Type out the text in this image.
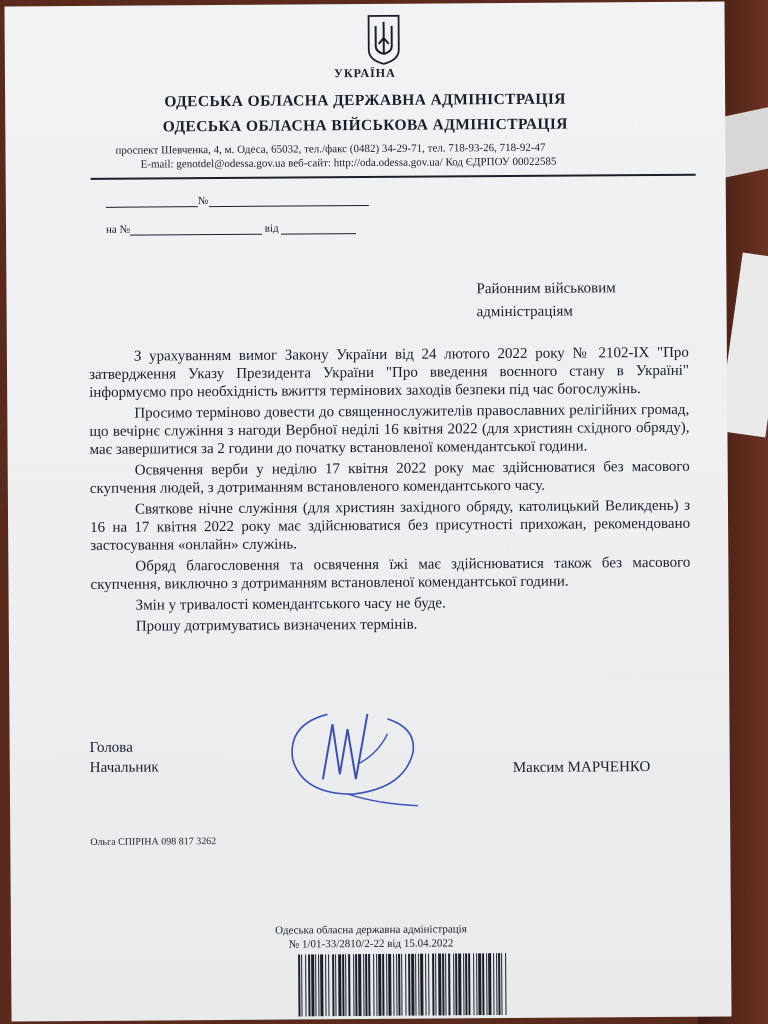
УКРАЇНА
ОДЕСЬКА ОБЛАСНА ДЕРЖАВНА АДМІНІСТРАЦІЯ
ОДЕСЬКА ОБЛАСНА ВІЙСЬКОВА АДМІНІСТРАЦІЯ
проспект Шевченка, 4, м. Одеса, 65032, тел./факс (0482) 34-29-71, тел. 718-93-26, 718-92-47
E-mail: genotdel@odessa.gov.ua веб-сайт: http://oda.odessa.gov.ua/ Код ЄДРПОУ 00022585
№
на №	від
Районним військовим
адміністраціям

З урахуванням вимог Закону України від 24 лютого 2022 року № 2102-IX "Про затвердження Указу Президента України "Про введення воєнного стану в Україні" інформуємо про необхідність вжиття термінових заходів безпеки під час богослужінь.

Просимо терміново довести до священнослужителів православних релігійних громад, що вечірнє служіння з нагоди Вербної неділі 16 квітня 2022 (для християн східного обряду), має завершитися за 2 години до початку встановленої комендантської години.

Освячення верби у неділю 17 квітня 2022 року має здійснюватися без масового скупчення людей, з дотриманням встановленого комендантського часу.

Святкове нічне служіння (для християн західного обряду, католицький Великдень) з 16 на 17 квітня 2022 року має здійснюватися без присутності прихожан, рекомендовано застосування «онлайн» служінь.

Обряд благословення та освячення їжі має здійснюватися також без масового скупчення, виключно з дотриманням встановленої комендантської години.

Змін у тривалості комендантського часу не буде.

Прошу дотримуватись визначених термінів.

Голова
Начальник	Максим МАРЧЕНКО
Ольга СПІРІНА 098 817 3262
Одеська обласна державна адміністрація
№ 1/01-33/2810/2-22 від 15.04.2022
